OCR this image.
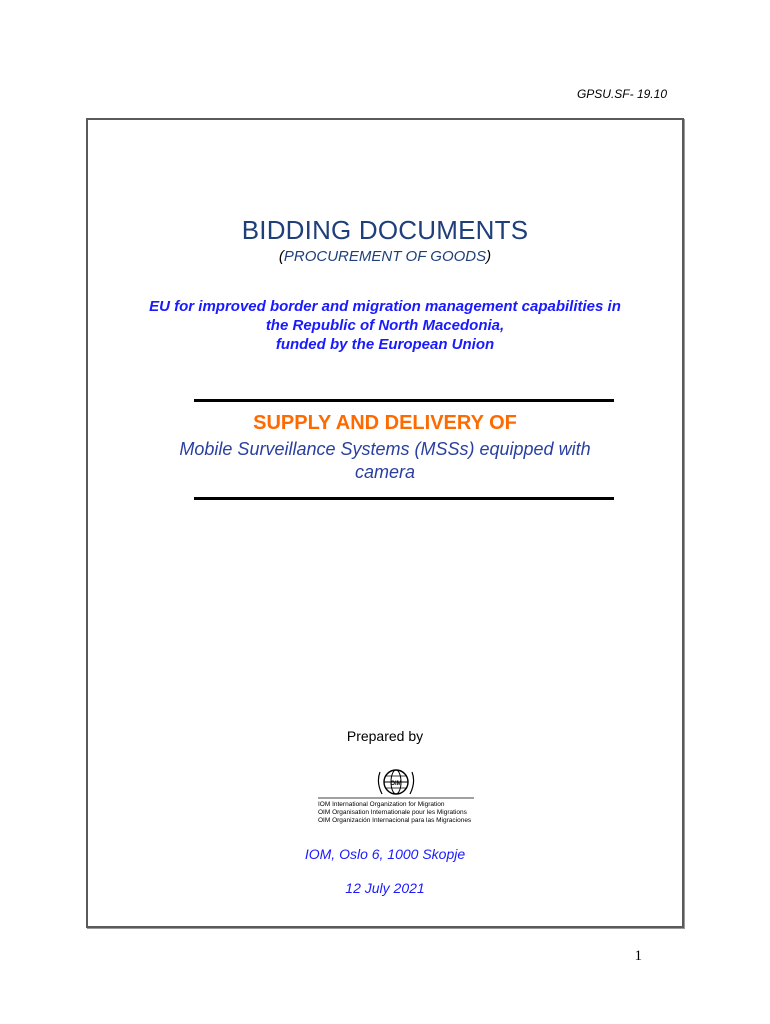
GPSU.SF- 19.10
BIDDING DOCUMENTS
(PROCUREMENT OF GOODS)
EU for improved border and migration management capabilities in
the Republic of North Macedonia,
funded by the European Union
SUPPLY AND DELIVERY OF
Mobile Surveillance Systems (MSSs) equipped with
camera
Prepared by
OIM
IOM International Organization for Migration
OIM Organisation Internationale pour les Migrations
OIM Organización Internacional para las Migraciones
IOM, Oslo 6, 1000 Skopje
12 July 2021
1
